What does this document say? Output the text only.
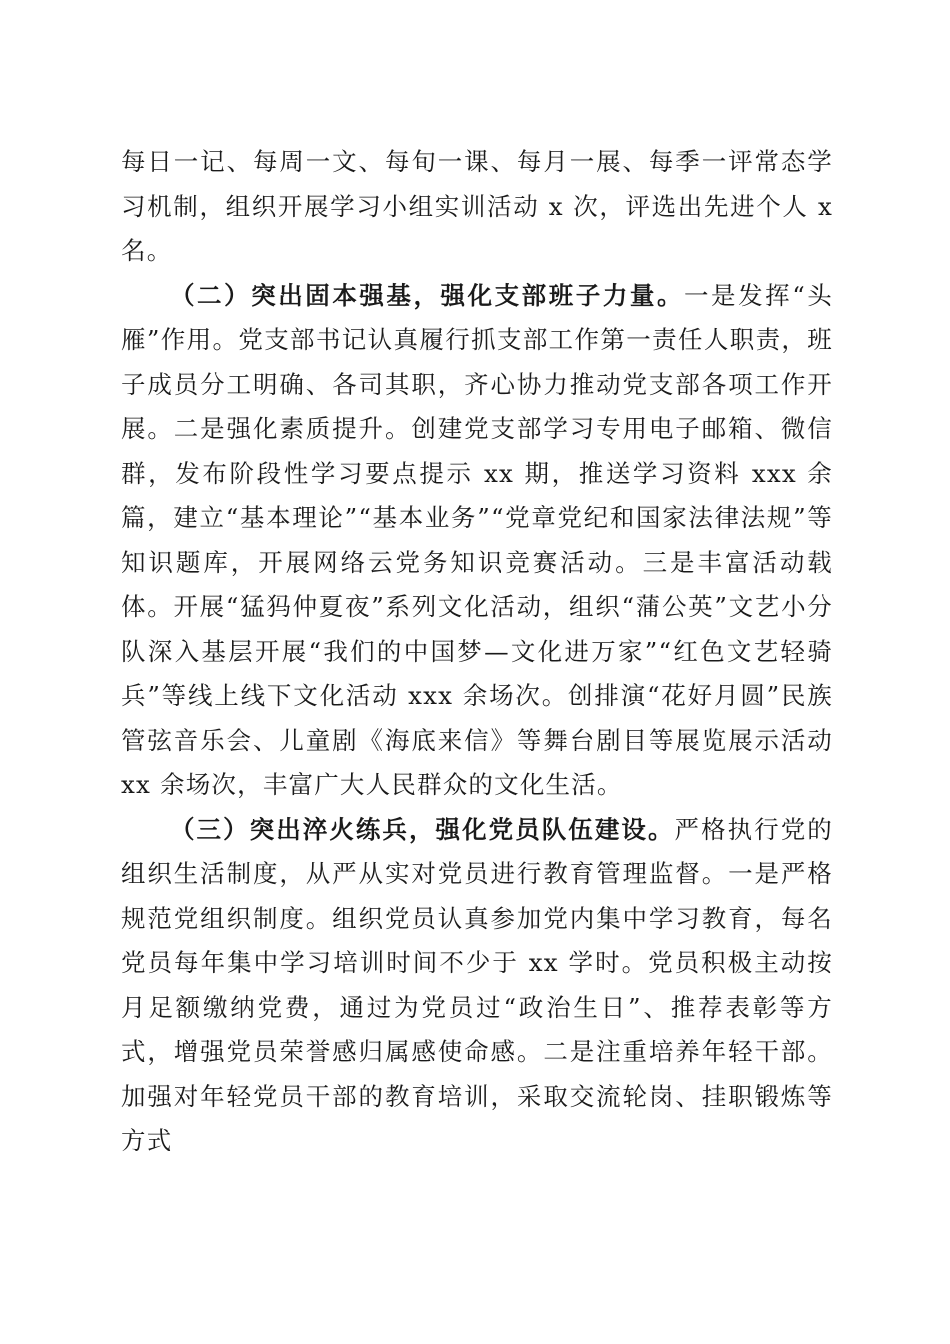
每日一记、每周一文、每旬一课、每月一展、每季一评常态学习机制，组织开展学习小组实训活动 x 次，评选出先进个人 x 名。

（二）突出固本强基，强化支部班子力量。一是发挥“头雁”作用。党支部书记认真履行抓支部工作第一责任人职责，班子成员分工明确、各司其职，齐心协力推动党支部各项工作开展。二是强化素质提升。创建党支部学习专用电子邮箱、微信群，发布阶段性学习要点提示 xx 期，推送学习资料 xxx 余篇，建立“基本理论”“基本业务”“党章党纪和国家法律法规”等知识题库，开展网络云党务知识竞赛活动。三是丰富活动载体。开展“猛犸仲夏夜”系列文化活动，组织“蒲公英”文艺小分队深入基层开展“我们的中国梦—文化进万家”“红色文艺轻骑兵”等线上线下文化活动 xxx 余场次。创排演“花好月圆”民族管弦音乐会、儿童剧《海底来信》等舞台剧目等展览展示活动 xx 余场次，丰富广大人民群众的文化生活。

（三）突出淬火练兵，强化党员队伍建设。严格执行党的组织生活制度，从严从实对党员进行教育管理监督。一是严格规范党组织制度。组织党员认真参加党内集中学习教育，每名党员每年集中学习培训时间不少于 xx 学时。党员积极主动按月足额缴纳党费，通过为党员过“政治生日”、推荐表彰等方式，增强党员荣誉感归属感使命感。二是注重培养年轻干部。加强对年轻党员干部的教育培训，采取交流轮岗、挂职锻炼等方式
